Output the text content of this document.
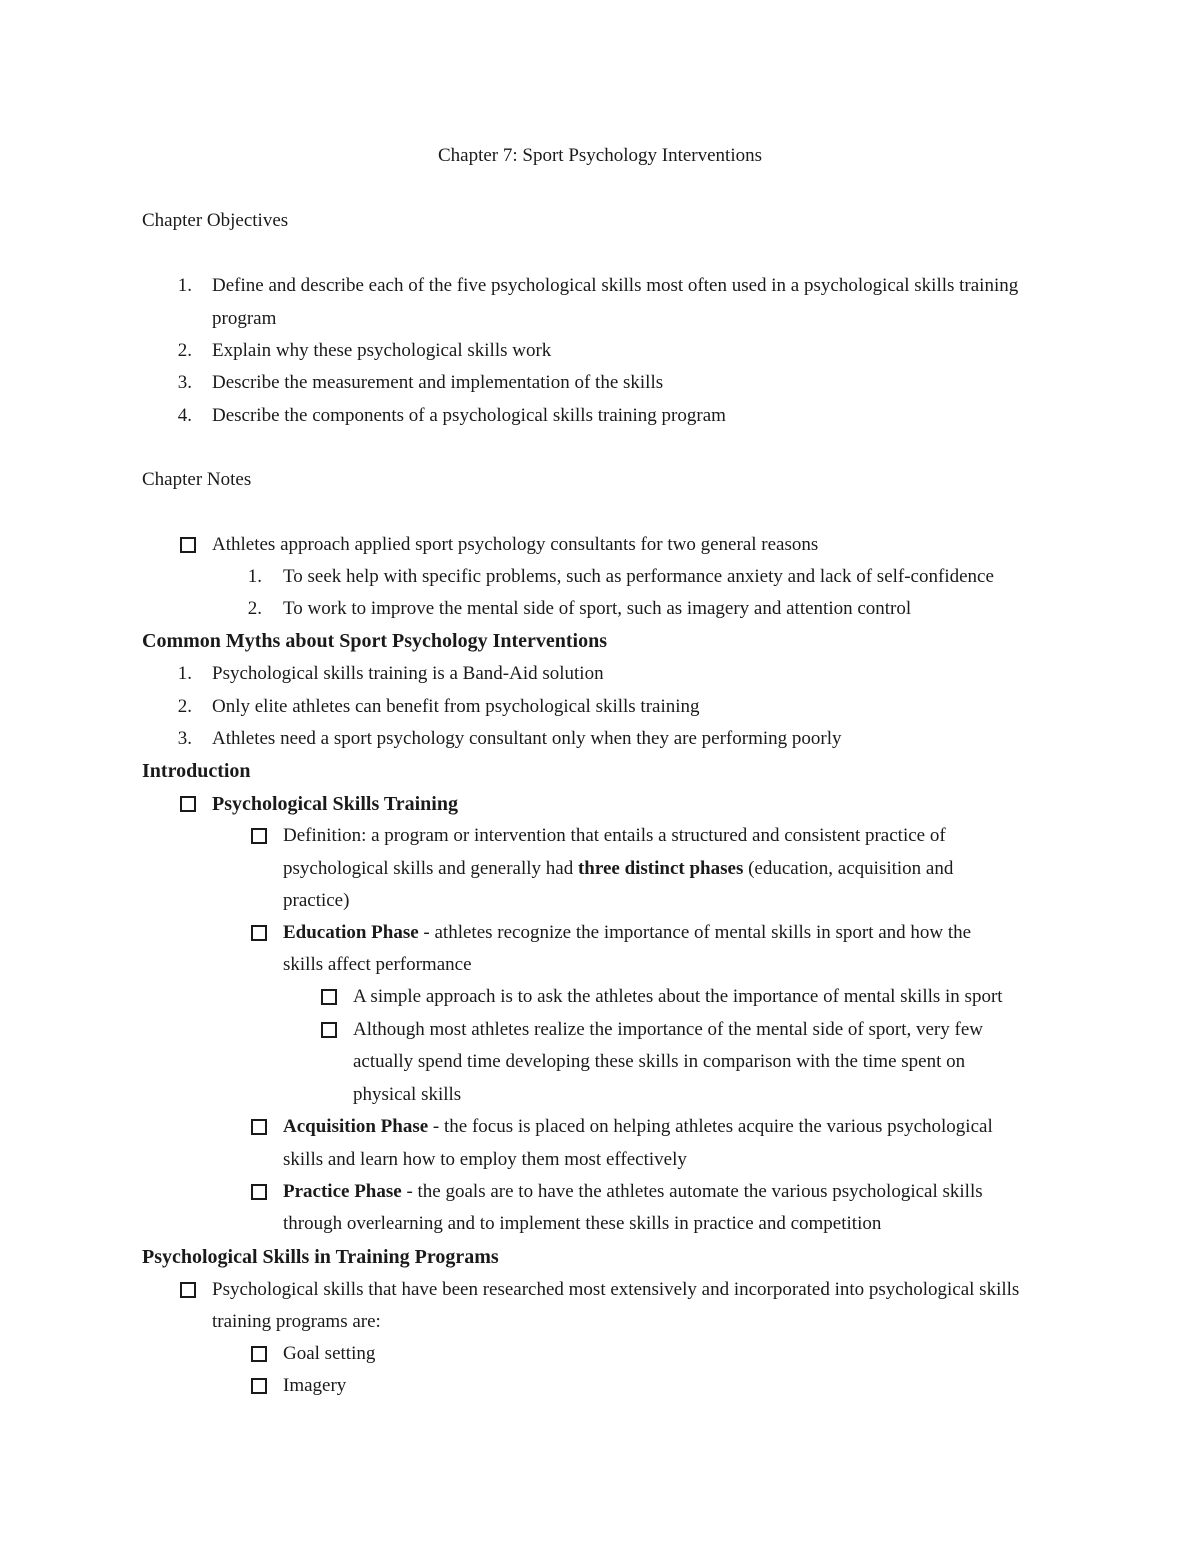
Chapter 7: Sport Psychology Interventions
Chapter Objectives
1. Define and describe each of the five psychological skills most often used in a psychological skills training
program
2. Explain why these psychological skills work
3. Describe the measurement and implementation of the skills
4. Describe the components of a psychological skills training program
Chapter Notes
Athletes approach applied sport psychology consultants for two general reasons
1. To seek help with specific problems, such as performance anxiety and lack of self-confidence
2. To work to improve the mental side of sport, such as imagery and attention control
Common Myths about Sport Psychology Interventions
1. Psychological skills training is a Band-Aid solution
2. Only elite athletes can benefit from psychological skills training
3. Athletes need a sport psychology consultant only when they are performing poorly
Introduction
Psychological Skills Training
Definition: a program or intervention that entails a structured and consistent practice of
psychological skills and generally had three distinct phases (education, acquisition and
practice)
Education Phase - athletes recognize the importance of mental skills in sport and how the
skills affect performance
A simple approach is to ask the athletes about the importance of mental skills in sport
Although most athletes realize the importance of the mental side of sport, very few
actually spend time developing these skills in comparison with the time spent on
physical skills
Acquisition Phase - the focus is placed on helping athletes acquire the various psychological
skills and learn how to employ them most effectively
Practice Phase - the goals are to have the athletes automate the various psychological skills
through overlearning and to implement these skills in practice and competition
Psychological Skills in Training Programs
Psychological skills that have been researched most extensively and incorporated into psychological skills
training programs are:
Goal setting
Imagery
